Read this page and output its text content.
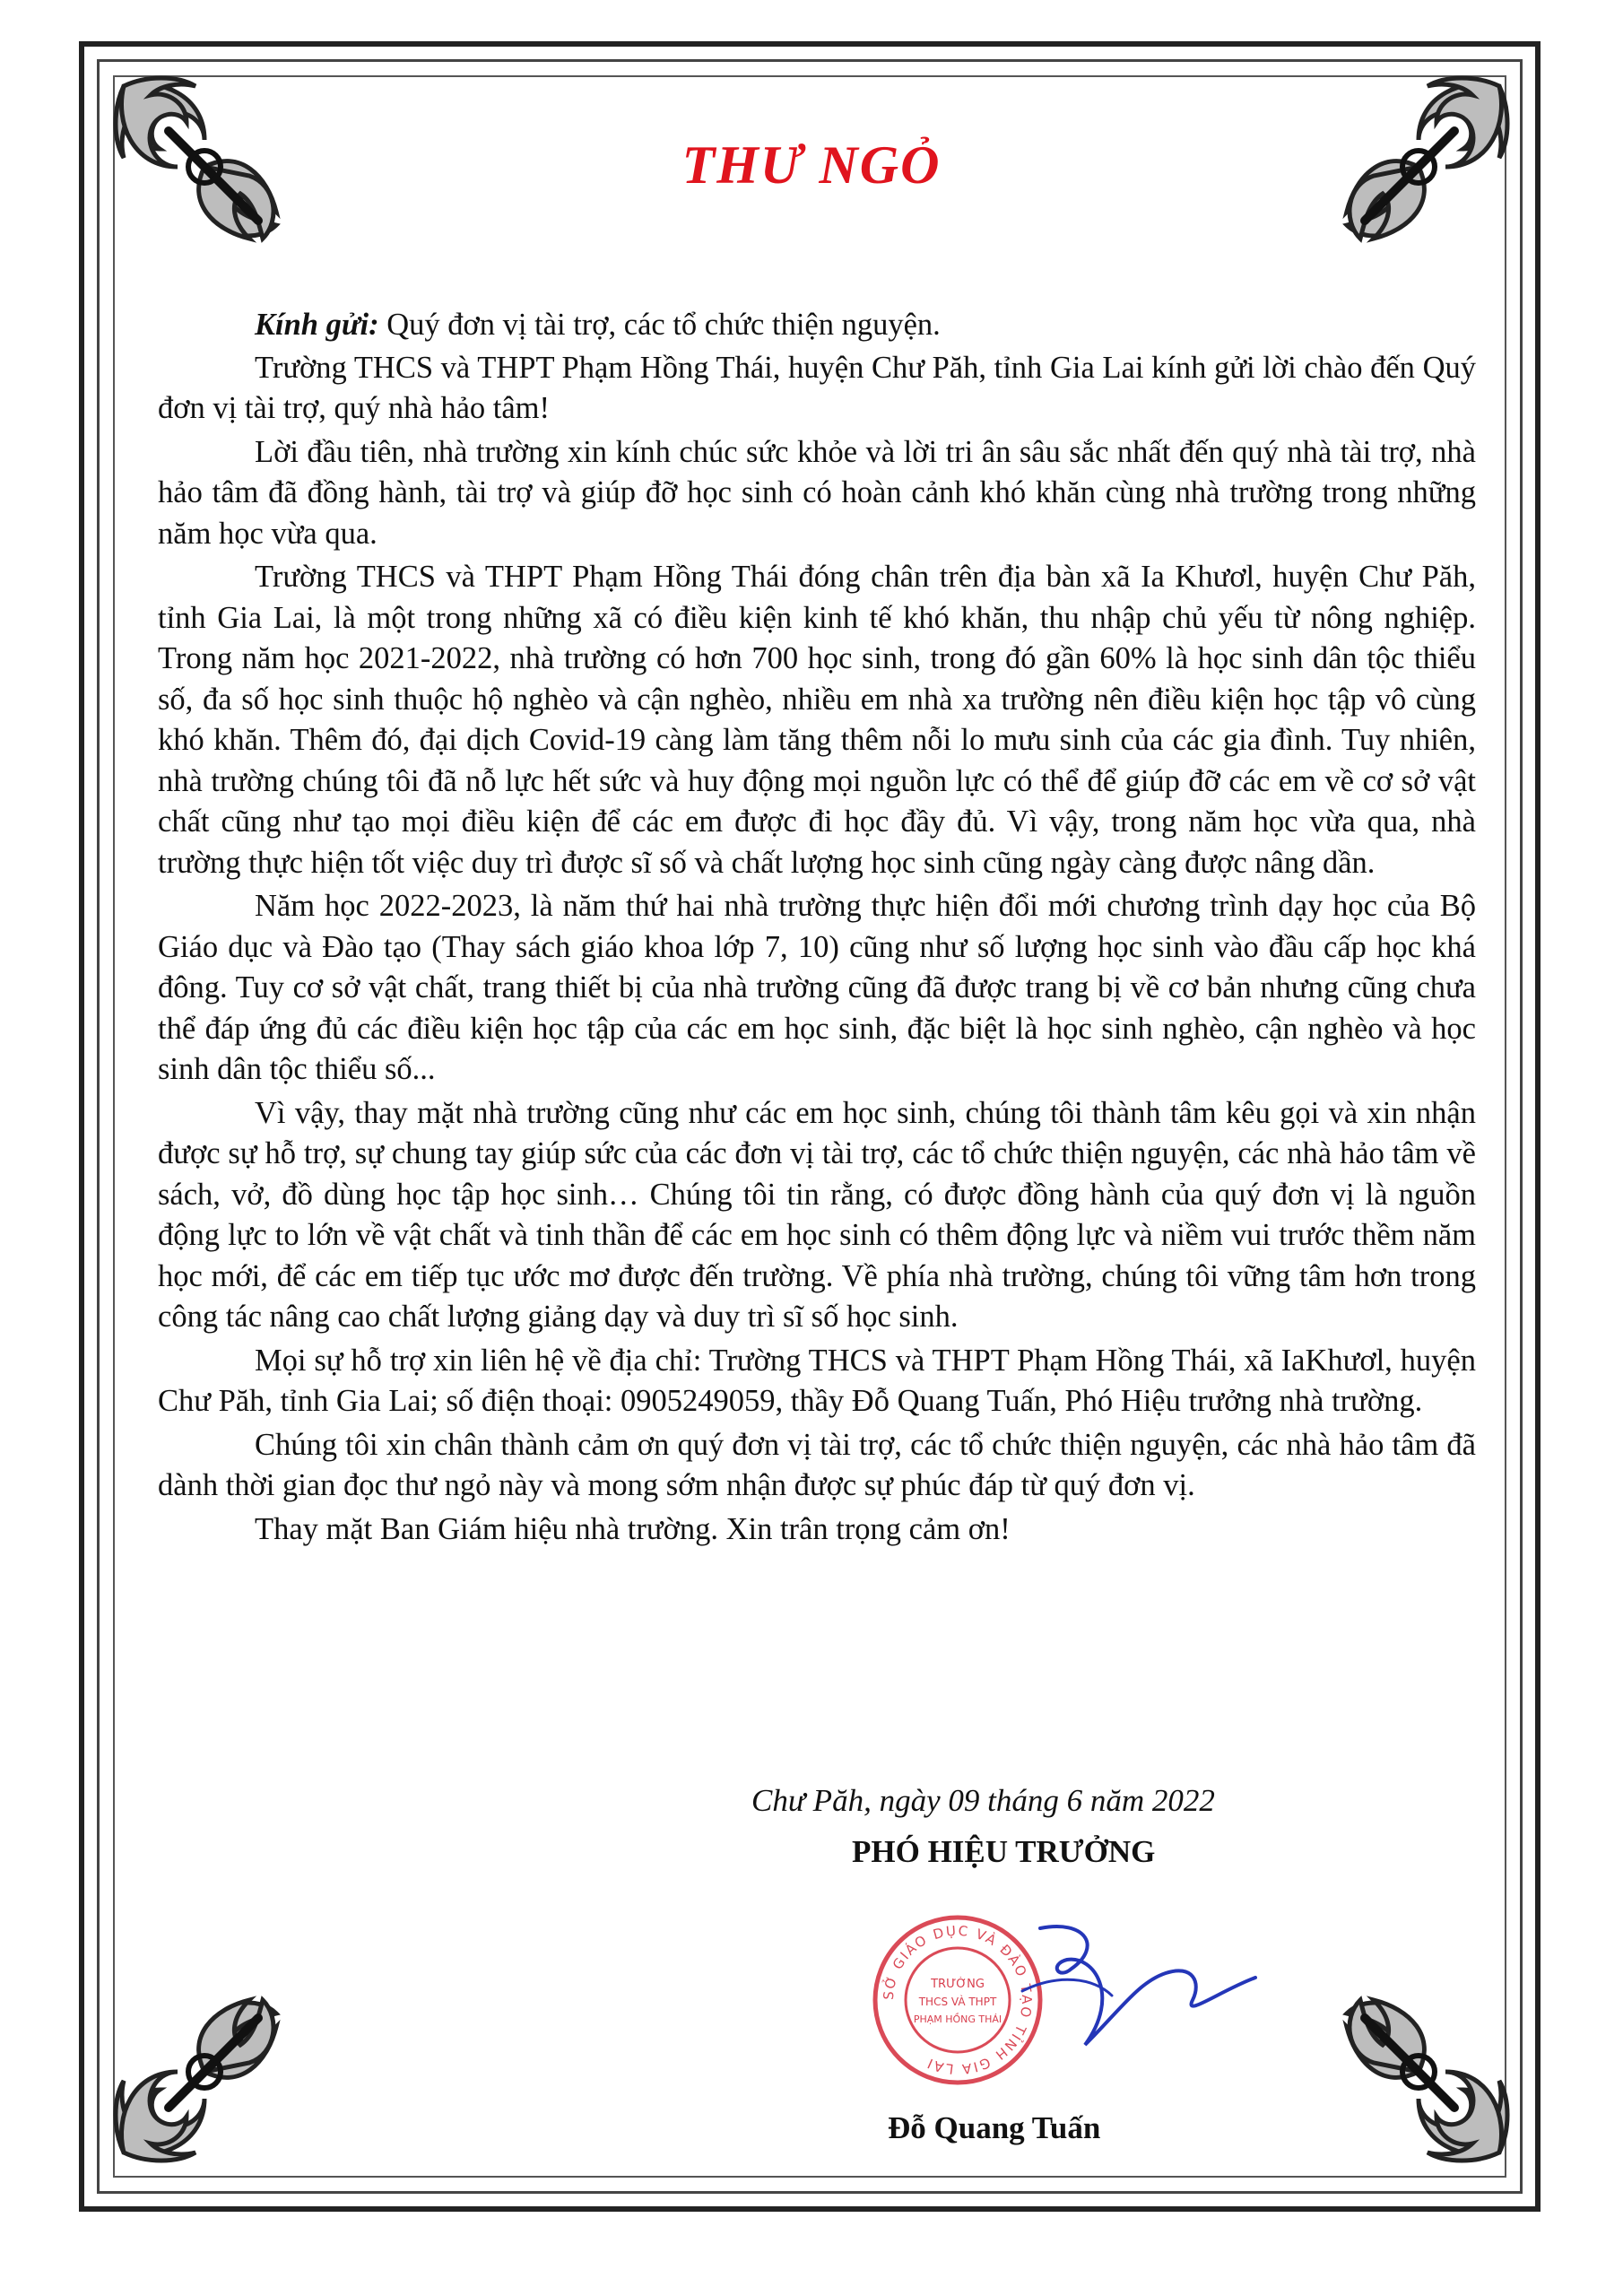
THƯ NGỎ

Kính gửi: Quý đơn vị tài trợ, các tổ chức thiện nguyện.

Trường THCS và THPT Phạm Hồng Thái, huyện Chư Păh, tỉnh Gia Lai kính gửi lời chào đến Quý đơn vị tài trợ, quý nhà hảo tâm!

Lời đầu tiên, nhà trường xin kính chúc sức khỏe và lời tri ân sâu sắc nhất đến quý nhà tài trợ, nhà hảo tâm đã đồng hành, tài trợ và giúp đỡ học sinh có hoàn cảnh khó khăn cùng nhà trường trong những năm học vừa qua.

Trường THCS và THPT Phạm Hồng Thái đóng chân trên địa bàn xã Ia Khươl, huyện Chư Păh, tỉnh Gia Lai, là một trong những xã có điều kiện kinh tế khó khăn, thu nhập chủ yếu từ nông nghiệp. Trong năm học 2021-2022, nhà trường có hơn 700 học sinh, trong đó gần 60% là học sinh dân tộc thiểu số, đa số học sinh thuộc hộ nghèo và cận nghèo, nhiều em nhà xa trường nên điều kiện học tập vô cùng khó khăn. Thêm đó, đại dịch Covid-19 càng làm tăng thêm nỗi lo mưu sinh của các gia đình. Tuy nhiên, nhà trường chúng tôi đã nỗ lực hết sức và huy động mọi nguồn lực có thể để giúp đỡ các em về cơ sở vật chất cũng như tạo mọi điều kiện để các em được đi học đầy đủ. Vì vậy, trong năm học vừa qua, nhà trường thực hiện tốt việc duy trì được sĩ số và chất lượng học sinh cũng ngày càng được nâng dần.

Năm học 2022-2023, là năm thứ hai nhà trường thực hiện đổi mới chương trình dạy học của Bộ Giáo dục và Đào tạo (Thay sách giáo khoa lớp 7, 10) cũng như số lượng học sinh vào đầu cấp học khá đông. Tuy cơ sở vật chất, trang thiết bị của nhà trường cũng đã được trang bị về cơ bản nhưng cũng chưa thể đáp ứng đủ các điều kiện học tập của các em học sinh, đặc biệt là học sinh nghèo, cận nghèo và học sinh dân tộc thiểu số...

Vì vậy, thay mặt nhà trường cũng như các em học sinh, chúng tôi thành tâm kêu gọi và xin nhận được sự hỗ trợ, sự chung tay giúp sức của các đơn vị tài trợ, các tổ chức thiện nguyện, các nhà hảo tâm về sách, vở, đồ dùng học tập học sinh… Chúng tôi tin rằng, có được đồng hành của quý đơn vị là nguồn động lực to lớn về vật chất và tinh thần để các em học sinh có thêm động lực và niềm vui trước thềm năm học mới, để các em tiếp tục ước mơ được đến trường. Về phía nhà trường, chúng tôi vững tâm hơn trong công tác nâng cao chất lượng giảng dạy và duy trì sĩ số học sinh.

Mọi sự hỗ trợ xin liên hệ về địa chỉ: Trường THCS và THPT Phạm Hồng Thái, xã IaKhươl, huyện Chư Păh, tỉnh Gia Lai; số điện thoại: 0905249059, thầy Đỗ Quang Tuấn, Phó Hiệu trưởng nhà trường.

Chúng tôi xin chân thành cảm ơn quý đơn vị tài trợ, các tổ chức thiện nguyện, các nhà hảo tâm đã dành thời gian đọc thư ngỏ này và mong sớm nhận được sự phúc đáp từ quý đơn vị.

Thay mặt Ban Giám hiệu nhà trường. Xin trân trọng cảm ơn!

Chư Păh, ngày 09 tháng 6 năm 2022
PHÓ HIỆU TRƯỞNG
SỞ GIÁO DỤC VÀ ĐÀO TẠO TỈNH GIA LAI
TRƯỜNG
THCS VÀ THPT
PHẠM HỒNG THÁI
Đỗ Quang Tuấn
